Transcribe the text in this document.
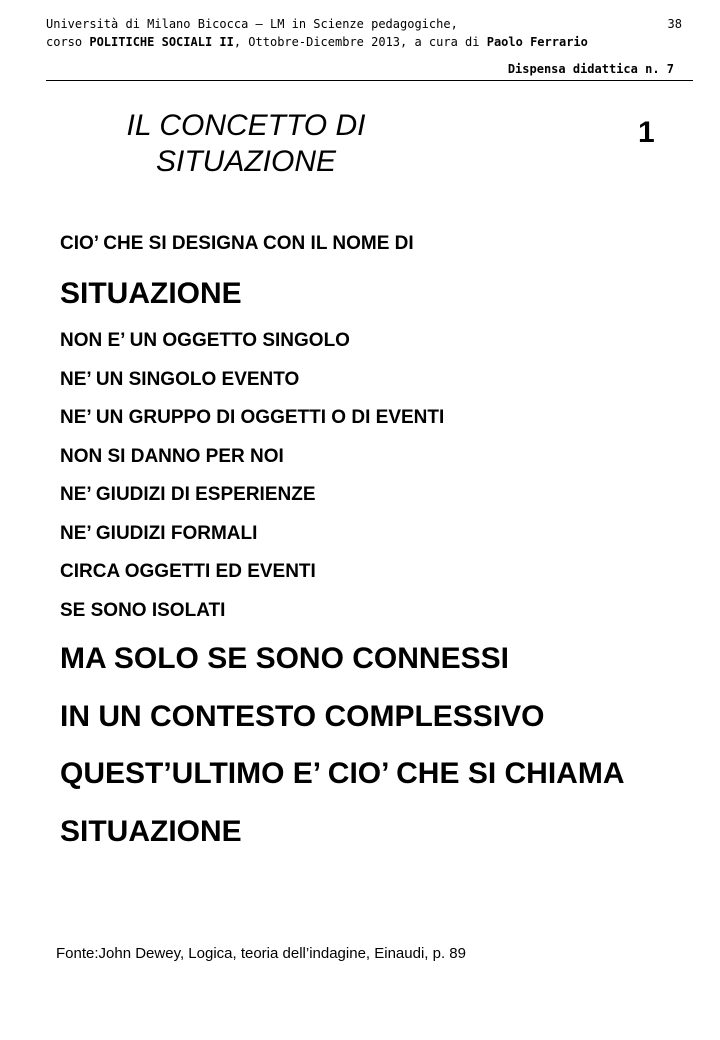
Università di Milano Bicocca – LM in Scienze pedagogiche,
corso POLITICHE SOCIALI II, Ottobre-Dicembre 2013, a cura di Paolo Ferrario
38
Dispensa didattica n. 7
IL CONCETTO DI
SITUAZIONE
1
CIO’ CHE SI DESIGNA CON IL NOME DI
SITUAZIONE
NON E’ UN OGGETTO SINGOLO
NE’ UN SINGOLO EVENTO
NE’ UN GRUPPO DI OGGETTI O DI EVENTI
NON SI DANNO PER NOI
NE’ GIUDIZI DI ESPERIENZE
NE’ GIUDIZI FORMALI
CIRCA OGGETTI ED EVENTI
SE SONO ISOLATI
MA SOLO SE SONO CONNESSI
IN UN CONTESTO COMPLESSIVO
QUEST’ULTIMO E’ CIO’ CHE SI CHIAMA
SITUAZIONE
Fonte:John Dewey, Logica, teoria dell’indagine, Einaudi, p. 89
